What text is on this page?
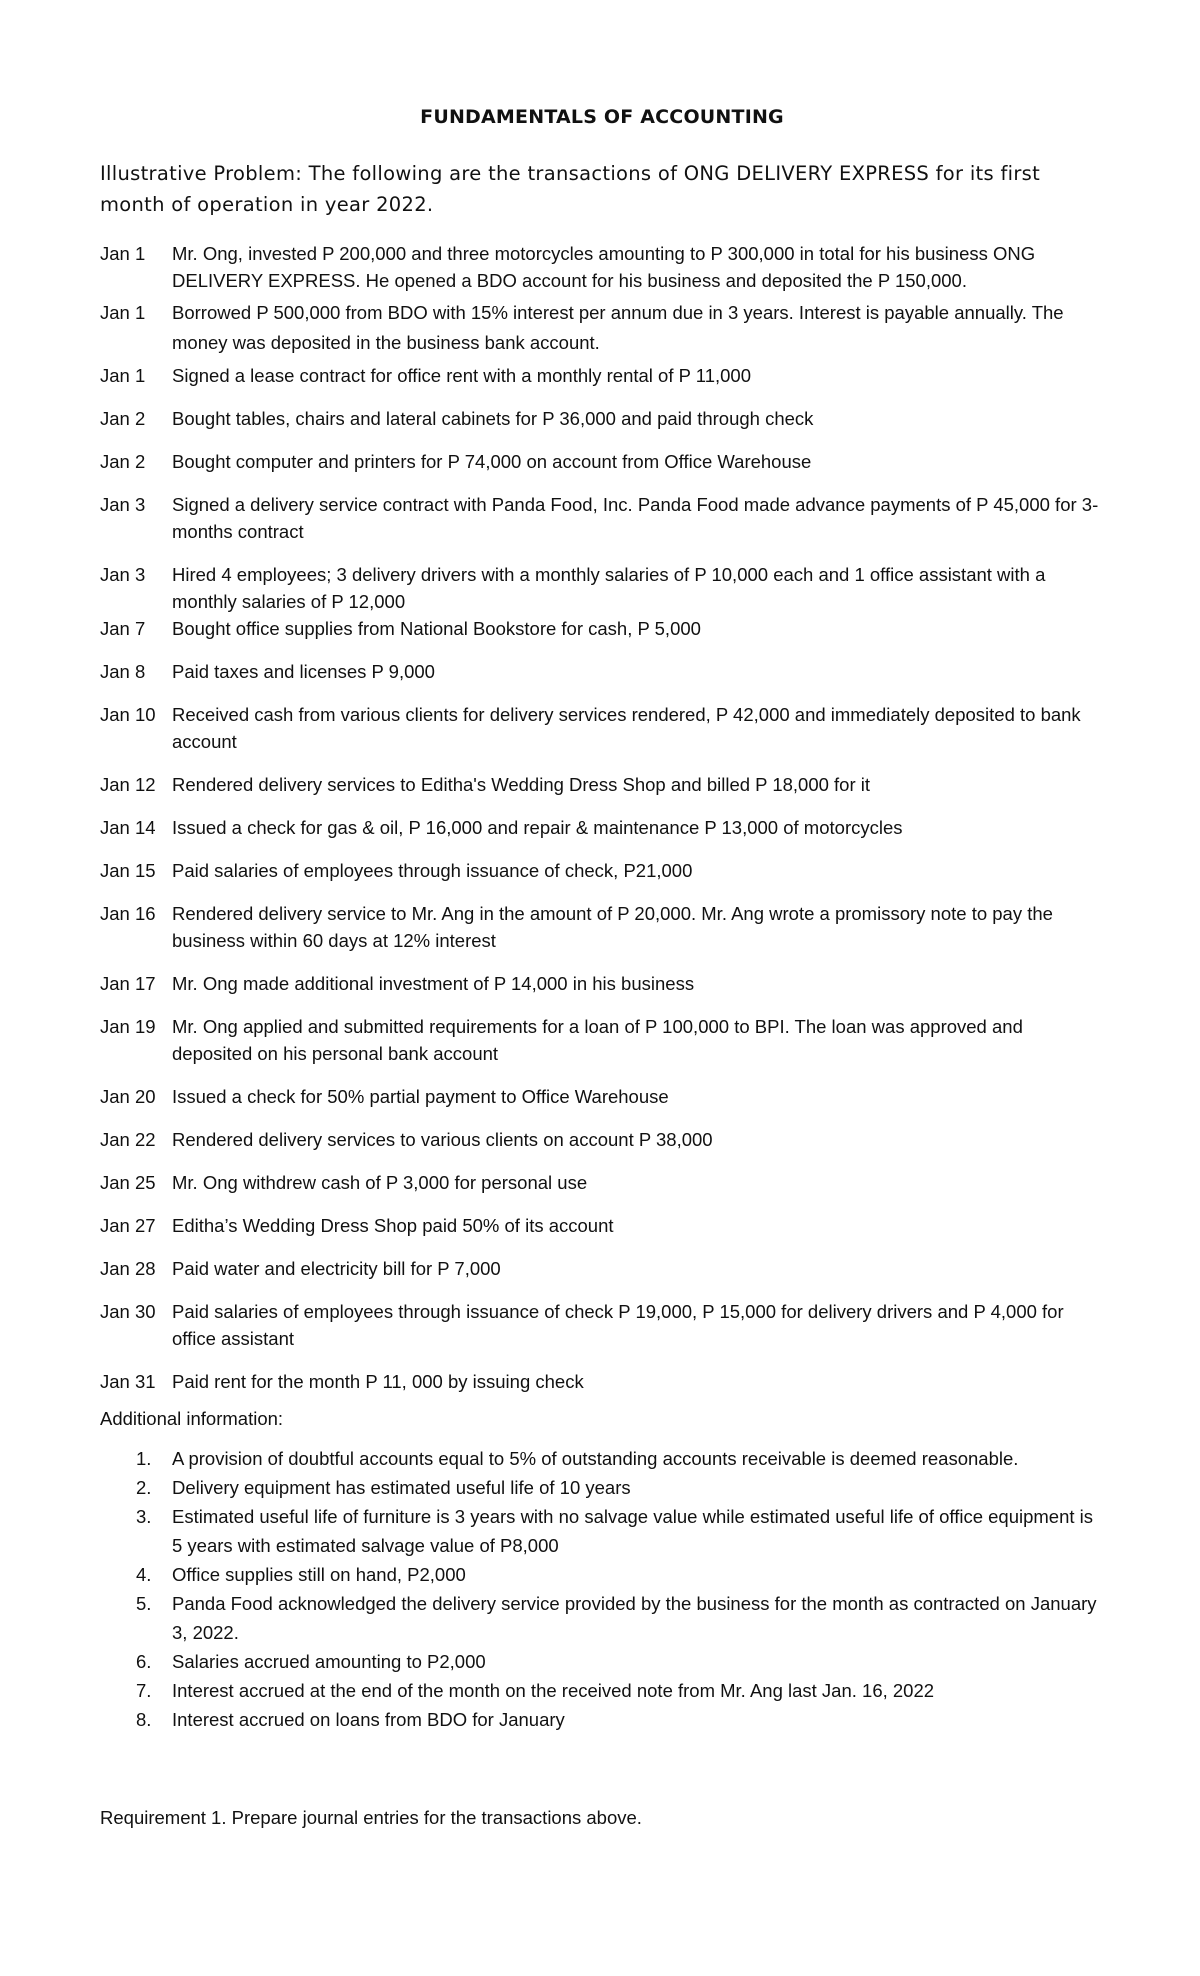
FUNDAMENTALS OF ACCOUNTING
Illustrative Problem: The following are the transactions of ONG DELIVERY EXPRESS for its first month of operation in year 2022.
Jan 1	Mr. Ong, invested P 200,000 and three motorcycles amounting to P 300,000 in total for his business ONG DELIVERY EXPRESS. He opened a BDO account for his business and deposited the P 150,000.
Jan 1	Borrowed P 500,000 from BDO with 15% interest per annum due in 3 years. Interest is payable annually. The money was deposited in the business bank account.
Jan 1	Signed a lease contract for office rent with a monthly rental of P 11,000
Jan 2	Bought tables, chairs and lateral cabinets for P 36,000 and paid through check
Jan 2	Bought computer and printers for P 74,000 on account from Office Warehouse
Jan 3	Signed a delivery service contract with Panda Food, Inc. Panda Food made advance payments of P 45,000 for 3-months contract
Jan 3	Hired 4 employees; 3 delivery drivers with a monthly salaries of P 10,000 each and 1 office assistant with a monthly salaries of P 12,000
Jan 7	Bought office supplies from National Bookstore for cash, P 5,000
Jan 8	Paid taxes and licenses P 9,000
Jan 10 Received cash from various clients for delivery services rendered, P 42,000 and immediately deposited to bank account
Jan 12 Rendered delivery services to Editha's Wedding Dress Shop and billed P 18,000 for it
Jan 14 Issued a check for gas & oil, P 16,000 and repair & maintenance P 13,000 of motorcycles
Jan 15 Paid salaries of employees through issuance of check, P21,000
Jan 16 Rendered delivery service to Mr. Ang in the amount of P 20,000. Mr. Ang wrote a promissory note to pay the business within 60 days at 12% interest
Jan 17 Mr. Ong made additional investment of P 14,000 in his business
Jan 19 Mr. Ong applied and submitted requirements for a loan of P 100,000 to BPI. The loan was approved and deposited on his personal bank account
Jan 20 Issued a check for 50% partial payment to Office Warehouse
Jan 22 Rendered delivery services to various clients on account P 38,000
Jan 25 Mr. Ong withdrew cash of P 3,000 for personal use
Jan 27 Editha’s Wedding Dress Shop paid 50% of its account
Jan 28 Paid water and electricity bill for P 7,000
Jan 30 Paid salaries of employees through issuance of check P 19,000, P 15,000 for delivery drivers and P 4,000 for office assistant
Jan 31 Paid rent for the month P 11, 000 by issuing check
Additional information:
1.	A provision of doubtful accounts equal to 5% of outstanding accounts receivable is deemed reasonable.
2.	Delivery equipment has estimated useful life of 10 years
3.	Estimated useful life of furniture is 3 years with no salvage value while estimated useful life of office equipment is 5 years with estimated salvage value of P8,000
4.	Office supplies still on hand, P2,000
5.	Panda Food acknowledged the delivery service provided by the business for the month as contracted on January 3, 2022.
6.	Salaries accrued amounting to P2,000
7.	Interest accrued at the end of the month on the received note from Mr. Ang last Jan. 16, 2022
8.	Interest accrued on loans from BDO for January
Requirement 1. Prepare journal entries for the transactions above.
